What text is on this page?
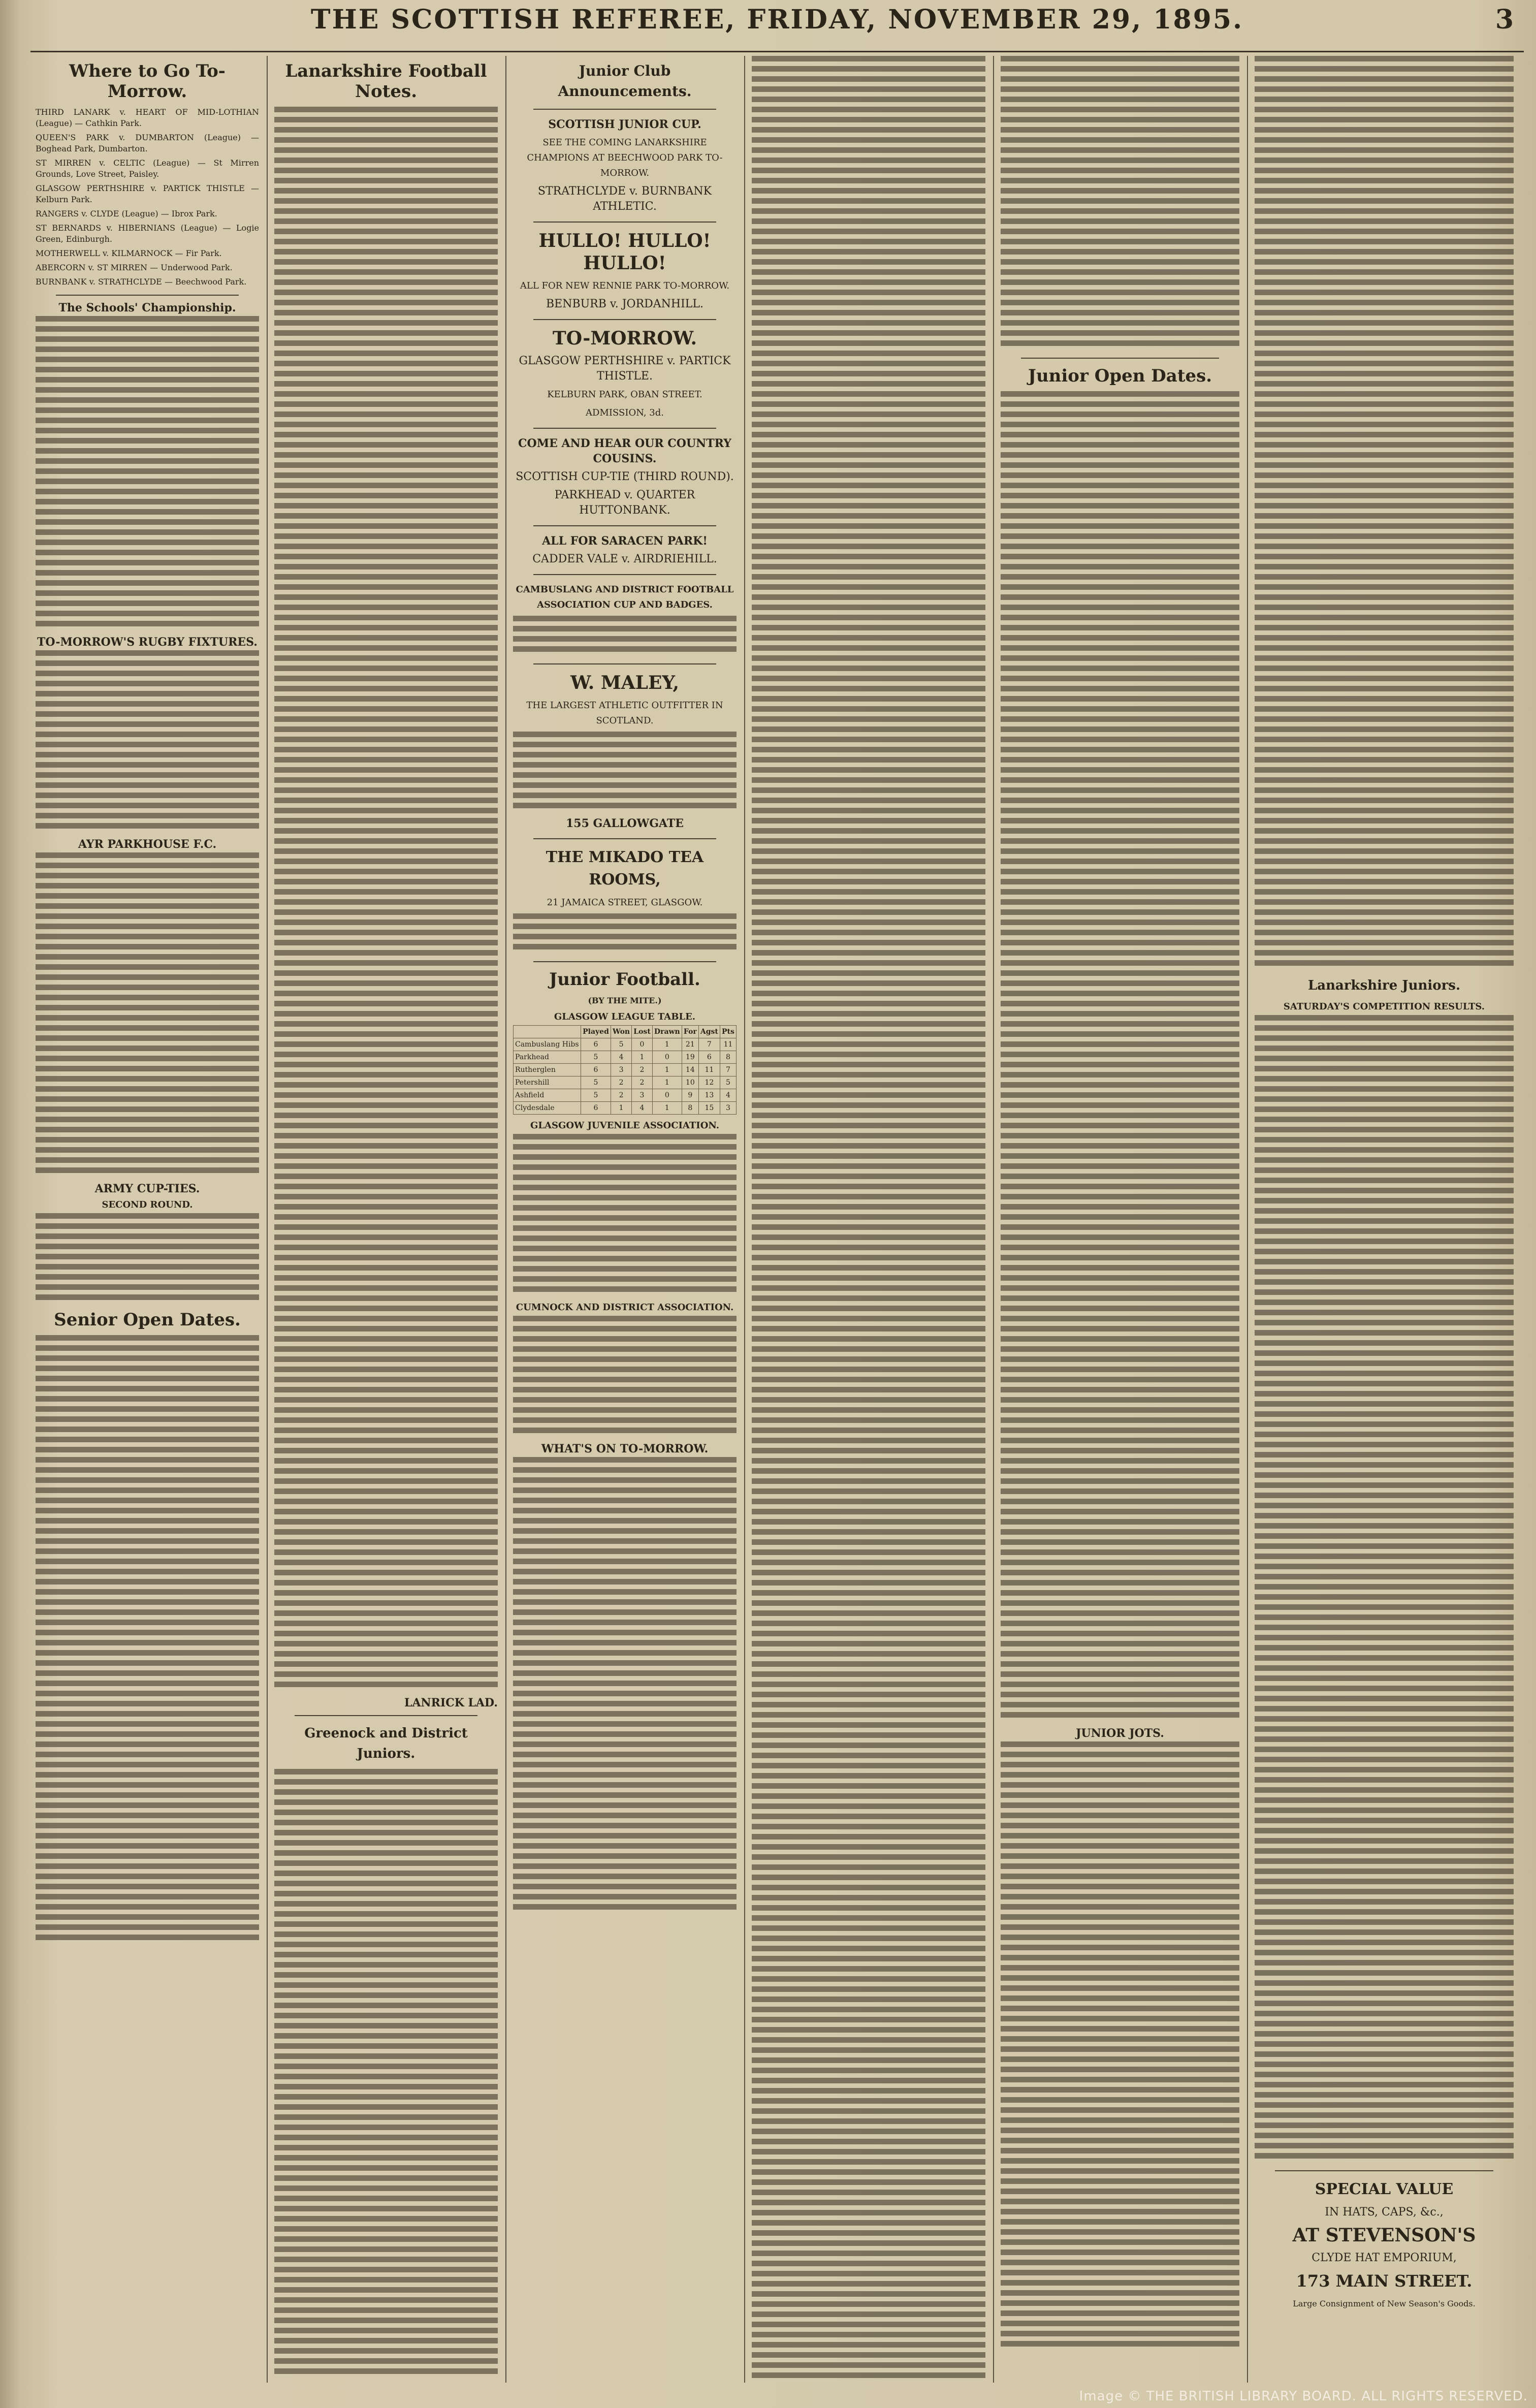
THE SCOTTISH REFEREE, FRIDAY, NOVEMBER 29, 1895.	3
Where to Go To-Morrow.
THIRD LANARK v. HEART OF MID-LOTHIAN (League) — Cathkin Park.
QUEEN'S PARK v. DUMBARTON (League) — Boghead Park, Dumbarton.
ST MIRREN v. CELTIC (League) — St Mirren Grounds, Love Street, Paisley.
GLASGOW PERTHSHIRE v. PARTICK THISTLE — Kelburn Park.
RANGERS v. CLYDE (League) — Ibrox Park.
ST BERNARDS v. HIBERNIANS (League) — Logie Green, Edinburgh.
MOTHERWELL v. KILMARNOCK — Fir Park.
ABERCORN v. ST MIRREN — Underwood Park.
BURNBANK v. STRATHCLYDE — Beechwood Park.
The Schools' Championship.
TO-MORROW'S RUGBY FIXTURES.
AYR PARKHOUSE F.C.
ARMY CUP-TIES.
SECOND ROUND.
Senior Open Dates.
Lanarkshire Football Notes.
LANRICK LAD.
Greenock and District Juniors.
Junior Club Announcements.
SCOTTISH JUNIOR CUP.
SEE THE COMING LANARKSHIRE CHAMPIONS AT BEECHWOOD PARK TO-MORROW.
STRATHCLYDE v. BURNBANK ATHLETIC.
HULLO! HULLO! HULLO!
ALL FOR NEW RENNIE PARK TO-MORROW.
BENBURB v. JORDANHILL.
TO-MORROW.
GLASGOW PERTHSHIRE v. PARTICK THISTLE.
KELBURN PARK, OBAN STREET.
ADMISSION, 3d.
COME AND HEAR OUR COUNTRY COUSINS.
SCOTTISH CUP-TIE (THIRD ROUND).
PARKHEAD v. QUARTER HUTTONBANK.
ALL FOR SARACEN PARK!
CADDER VALE v. AIRDRIEHILL.
CAMBUSLANG AND DISTRICT FOOTBALL ASSOCIATION CUP AND BADGES.
W. MALEY,
THE LARGEST ATHLETIC OUTFITTER IN SCOTLAND.
155 GALLOWGATE
THE MIKADO TEA ROOMS,
21 JAMAICA STREET, GLASGOW.
Junior Football.
(BY THE MITE.)
GLASGOW LEAGUE TABLE.
	Played	Won	Lost	Drawn	For	Agst	Pts
Cambuslang Hibs	6	5	0	1	21	7	11
Parkhead	5	4	1	0	19	6	8
Rutherglen	6	3	2	1	14	11	7
Petershill	5	2	2	1	10	12	5
Ashfield	5	2	3	0	9	13	4
Clydesdale	6	1	4	1	8	15	3
GLASGOW JUVENILE ASSOCIATION.
CUMNOCK AND DISTRICT ASSOCIATION.
WHAT'S ON TO-MORROW.
Junior Open Dates.
JUNIOR JOTS.
Lanarkshire Juniors.
SATURDAY'S COMPETITION RESULTS.
SPECIAL VALUE
IN HATS, CAPS, &c.,
AT STEVENSON'S
CLYDE HAT EMPORIUM,
173 MAIN STREET.
Large Consignment of New Season's Goods.
Image © THE BRITISH LIBRARY BOARD. ALL RIGHTS RESERVED.
